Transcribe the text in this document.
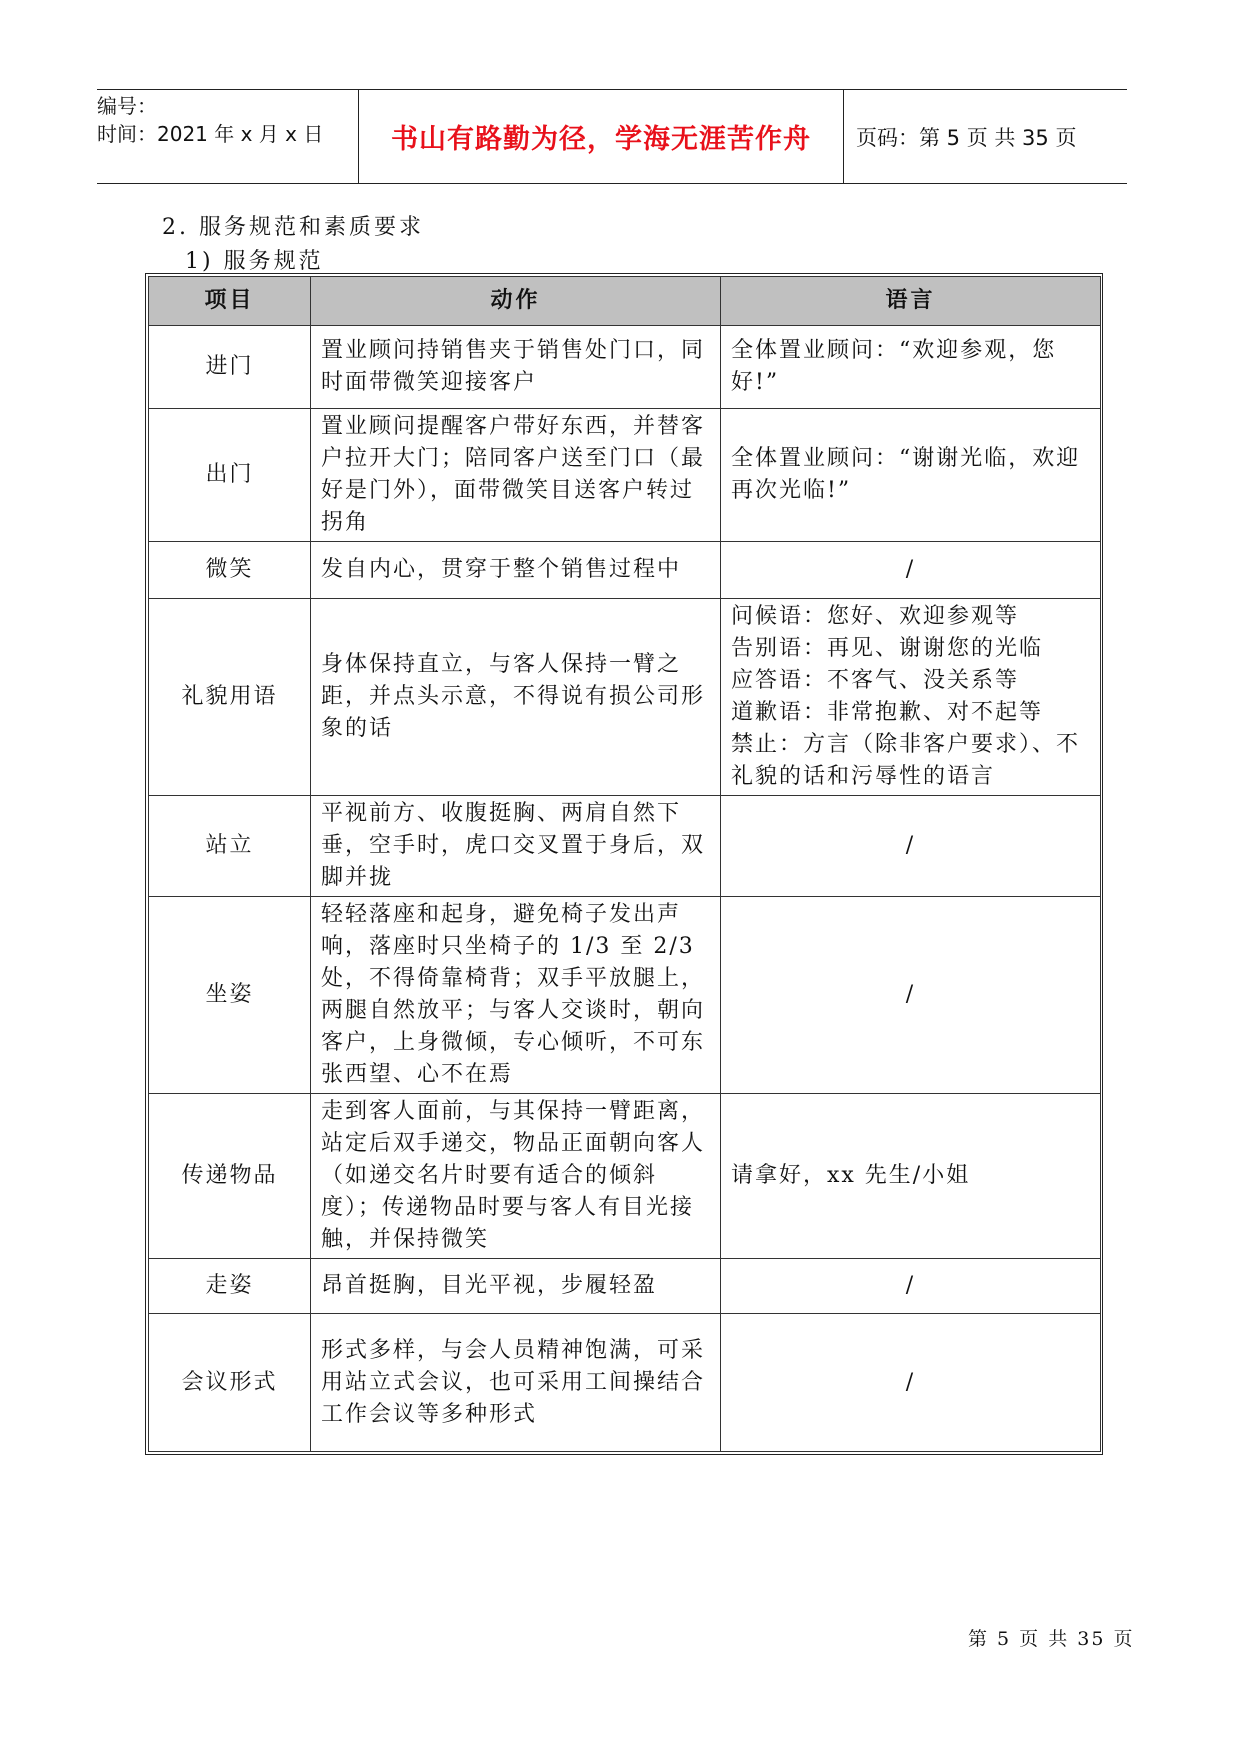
编号：
时间：2021 年 x 月 x 日	书山有路勤为径，学海无涯苦作舟	页码：第 5 页 共 35 页
2. 服务规范和素质要求
1) 服务规范
项目	动作	语言
进门	置业顾问持销售夹于销售处门口，同时面带微笑迎接客户	全体置业顾问：“欢迎参观，您好!”

出门	置业顾问提醒客户带好东西，并替客户拉开大门；陪同客户送至门口（最好是门外），面带微笑目送客户转过拐角	全体置业顾问：“谢谢光临，欢迎再次光临!”

微笑	发自内心，贯穿于整个销售过程中	/

礼貌用语	身体保持直立，与客人保持一臂之距，并点头示意，不得说有损公司形象的话	问候语：您好、欢迎参观等
告别语：再见、谢谢您的光临
应答语：不客气、没关系等
道歉语：非常抱歉、对不起等
禁止：方言（除非客户要求）、不礼貌的话和污辱性的语言

站立	平视前方、收腹挺胸、两肩自然下垂，空手时，虎口交叉置于身后，双脚并拢	/

坐姿	轻轻落座和起身，避免椅子发出声响，落座时只坐椅子的 1/3 至 2/3 处，不得倚靠椅背；双手平放腿上，两腿自然放平；与客人交谈时，朝向客户，上身微倾，专心倾听，不可东张西望、心不在焉	/

传递物品	走到客人面前，与其保持一臂距离，站定后双手递交，物品正面朝向客人（如递交名片时要有适合的倾斜度）；传递物品时要与客人有目光接触，并保持微笑	请拿好，xx 先生/小姐

走姿	昂首挺胸，目光平视，步履轻盈	/

会议形式	形式多样，与会人员精神饱满，可采用站立式会议，也可采用工间操结合工作会议等多种形式	/
第 5 页 共 35 页
